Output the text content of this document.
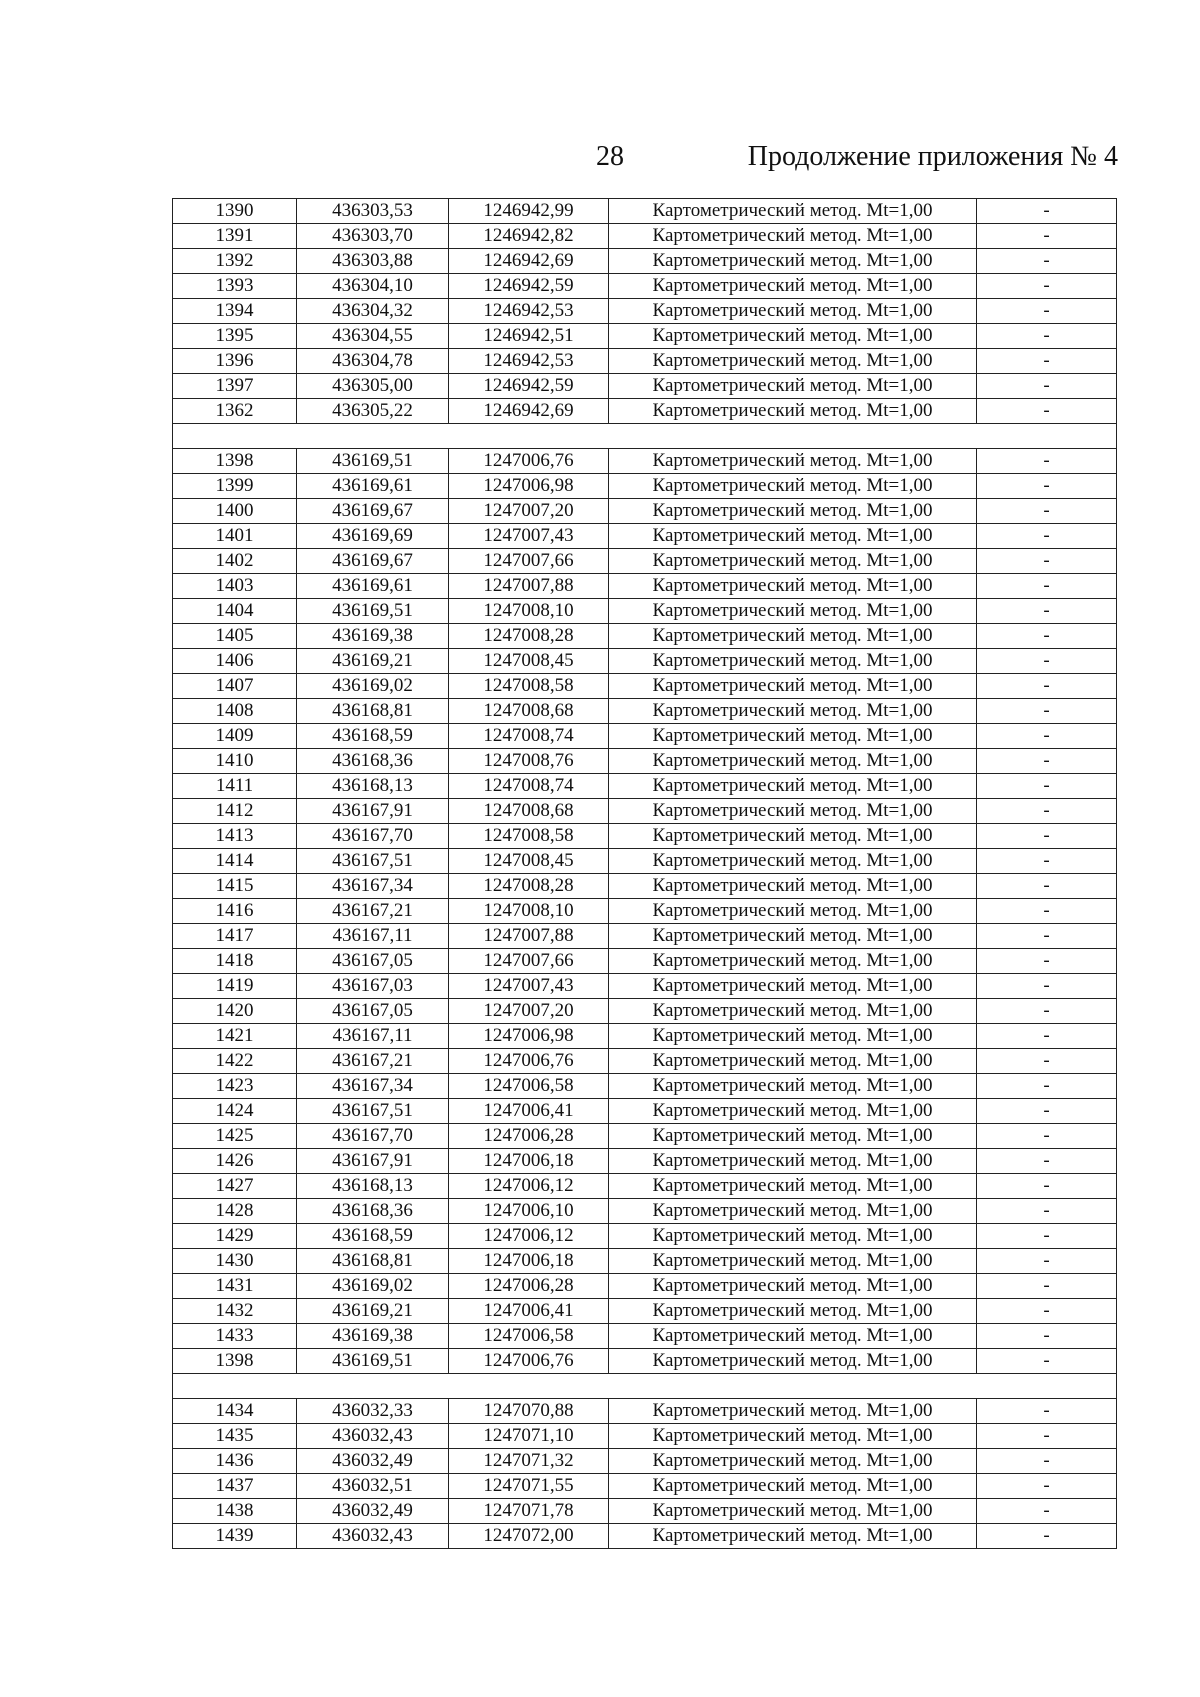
28	Продолжение приложения № 4
1390	436303,53	1246942,99	Картометрический метод. Mt=1,00	-
1391	436303,70	1246942,82	Картометрический метод. Mt=1,00	-
1392	436303,88	1246942,69	Картометрический метод. Mt=1,00	-
1393	436304,10	1246942,59	Картометрический метод. Mt=1,00	-
1394	436304,32	1246942,53	Картометрический метод. Mt=1,00	-
1395	436304,55	1246942,51	Картометрический метод. Mt=1,00	-
1396	436304,78	1246942,53	Картометрический метод. Mt=1,00	-
1397	436305,00	1246942,59	Картометрический метод. Mt=1,00	-
1362	436305,22	1246942,69	Картометрический метод. Mt=1,00	-

1398	436169,51	1247006,76	Картометрический метод. Mt=1,00	-
1399	436169,61	1247006,98	Картометрический метод. Mt=1,00	-
1400	436169,67	1247007,20	Картометрический метод. Mt=1,00	-
1401	436169,69	1247007,43	Картометрический метод. Mt=1,00	-
1402	436169,67	1247007,66	Картометрический метод. Mt=1,00	-
1403	436169,61	1247007,88	Картометрический метод. Mt=1,00	-
1404	436169,51	1247008,10	Картометрический метод. Mt=1,00	-
1405	436169,38	1247008,28	Картометрический метод. Mt=1,00	-
1406	436169,21	1247008,45	Картометрический метод. Mt=1,00	-
1407	436169,02	1247008,58	Картометрический метод. Mt=1,00	-
1408	436168,81	1247008,68	Картометрический метод. Mt=1,00	-
1409	436168,59	1247008,74	Картометрический метод. Mt=1,00	-
1410	436168,36	1247008,76	Картометрический метод. Mt=1,00	-
1411	436168,13	1247008,74	Картометрический метод. Mt=1,00	-
1412	436167,91	1247008,68	Картометрический метод. Mt=1,00	-
1413	436167,70	1247008,58	Картометрический метод. Mt=1,00	-
1414	436167,51	1247008,45	Картометрический метод. Mt=1,00	-
1415	436167,34	1247008,28	Картометрический метод. Mt=1,00	-
1416	436167,21	1247008,10	Картометрический метод. Mt=1,00	-
1417	436167,11	1247007,88	Картометрический метод. Mt=1,00	-
1418	436167,05	1247007,66	Картометрический метод. Mt=1,00	-
1419	436167,03	1247007,43	Картометрический метод. Mt=1,00	-
1420	436167,05	1247007,20	Картометрический метод. Mt=1,00	-
1421	436167,11	1247006,98	Картометрический метод. Mt=1,00	-
1422	436167,21	1247006,76	Картометрический метод. Mt=1,00	-
1423	436167,34	1247006,58	Картометрический метод. Mt=1,00	-
1424	436167,51	1247006,41	Картометрический метод. Mt=1,00	-
1425	436167,70	1247006,28	Картометрический метод. Mt=1,00	-
1426	436167,91	1247006,18	Картометрический метод. Mt=1,00	-
1427	436168,13	1247006,12	Картометрический метод. Mt=1,00	-
1428	436168,36	1247006,10	Картометрический метод. Mt=1,00	-
1429	436168,59	1247006,12	Картометрический метод. Mt=1,00	-
1430	436168,81	1247006,18	Картометрический метод. Mt=1,00	-
1431	436169,02	1247006,28	Картометрический метод. Mt=1,00	-
1432	436169,21	1247006,41	Картометрический метод. Mt=1,00	-
1433	436169,38	1247006,58	Картометрический метод. Mt=1,00	-
1398	436169,51	1247006,76	Картометрический метод. Mt=1,00	-

1434	436032,33	1247070,88	Картометрический метод. Mt=1,00	-
1435	436032,43	1247071,10	Картометрический метод. Mt=1,00	-
1436	436032,49	1247071,32	Картометрический метод. Mt=1,00	-
1437	436032,51	1247071,55	Картометрический метод. Mt=1,00	-
1438	436032,49	1247071,78	Картометрический метод. Mt=1,00	-
1439	436032,43	1247072,00	Картометрический метод. Mt=1,00	-
